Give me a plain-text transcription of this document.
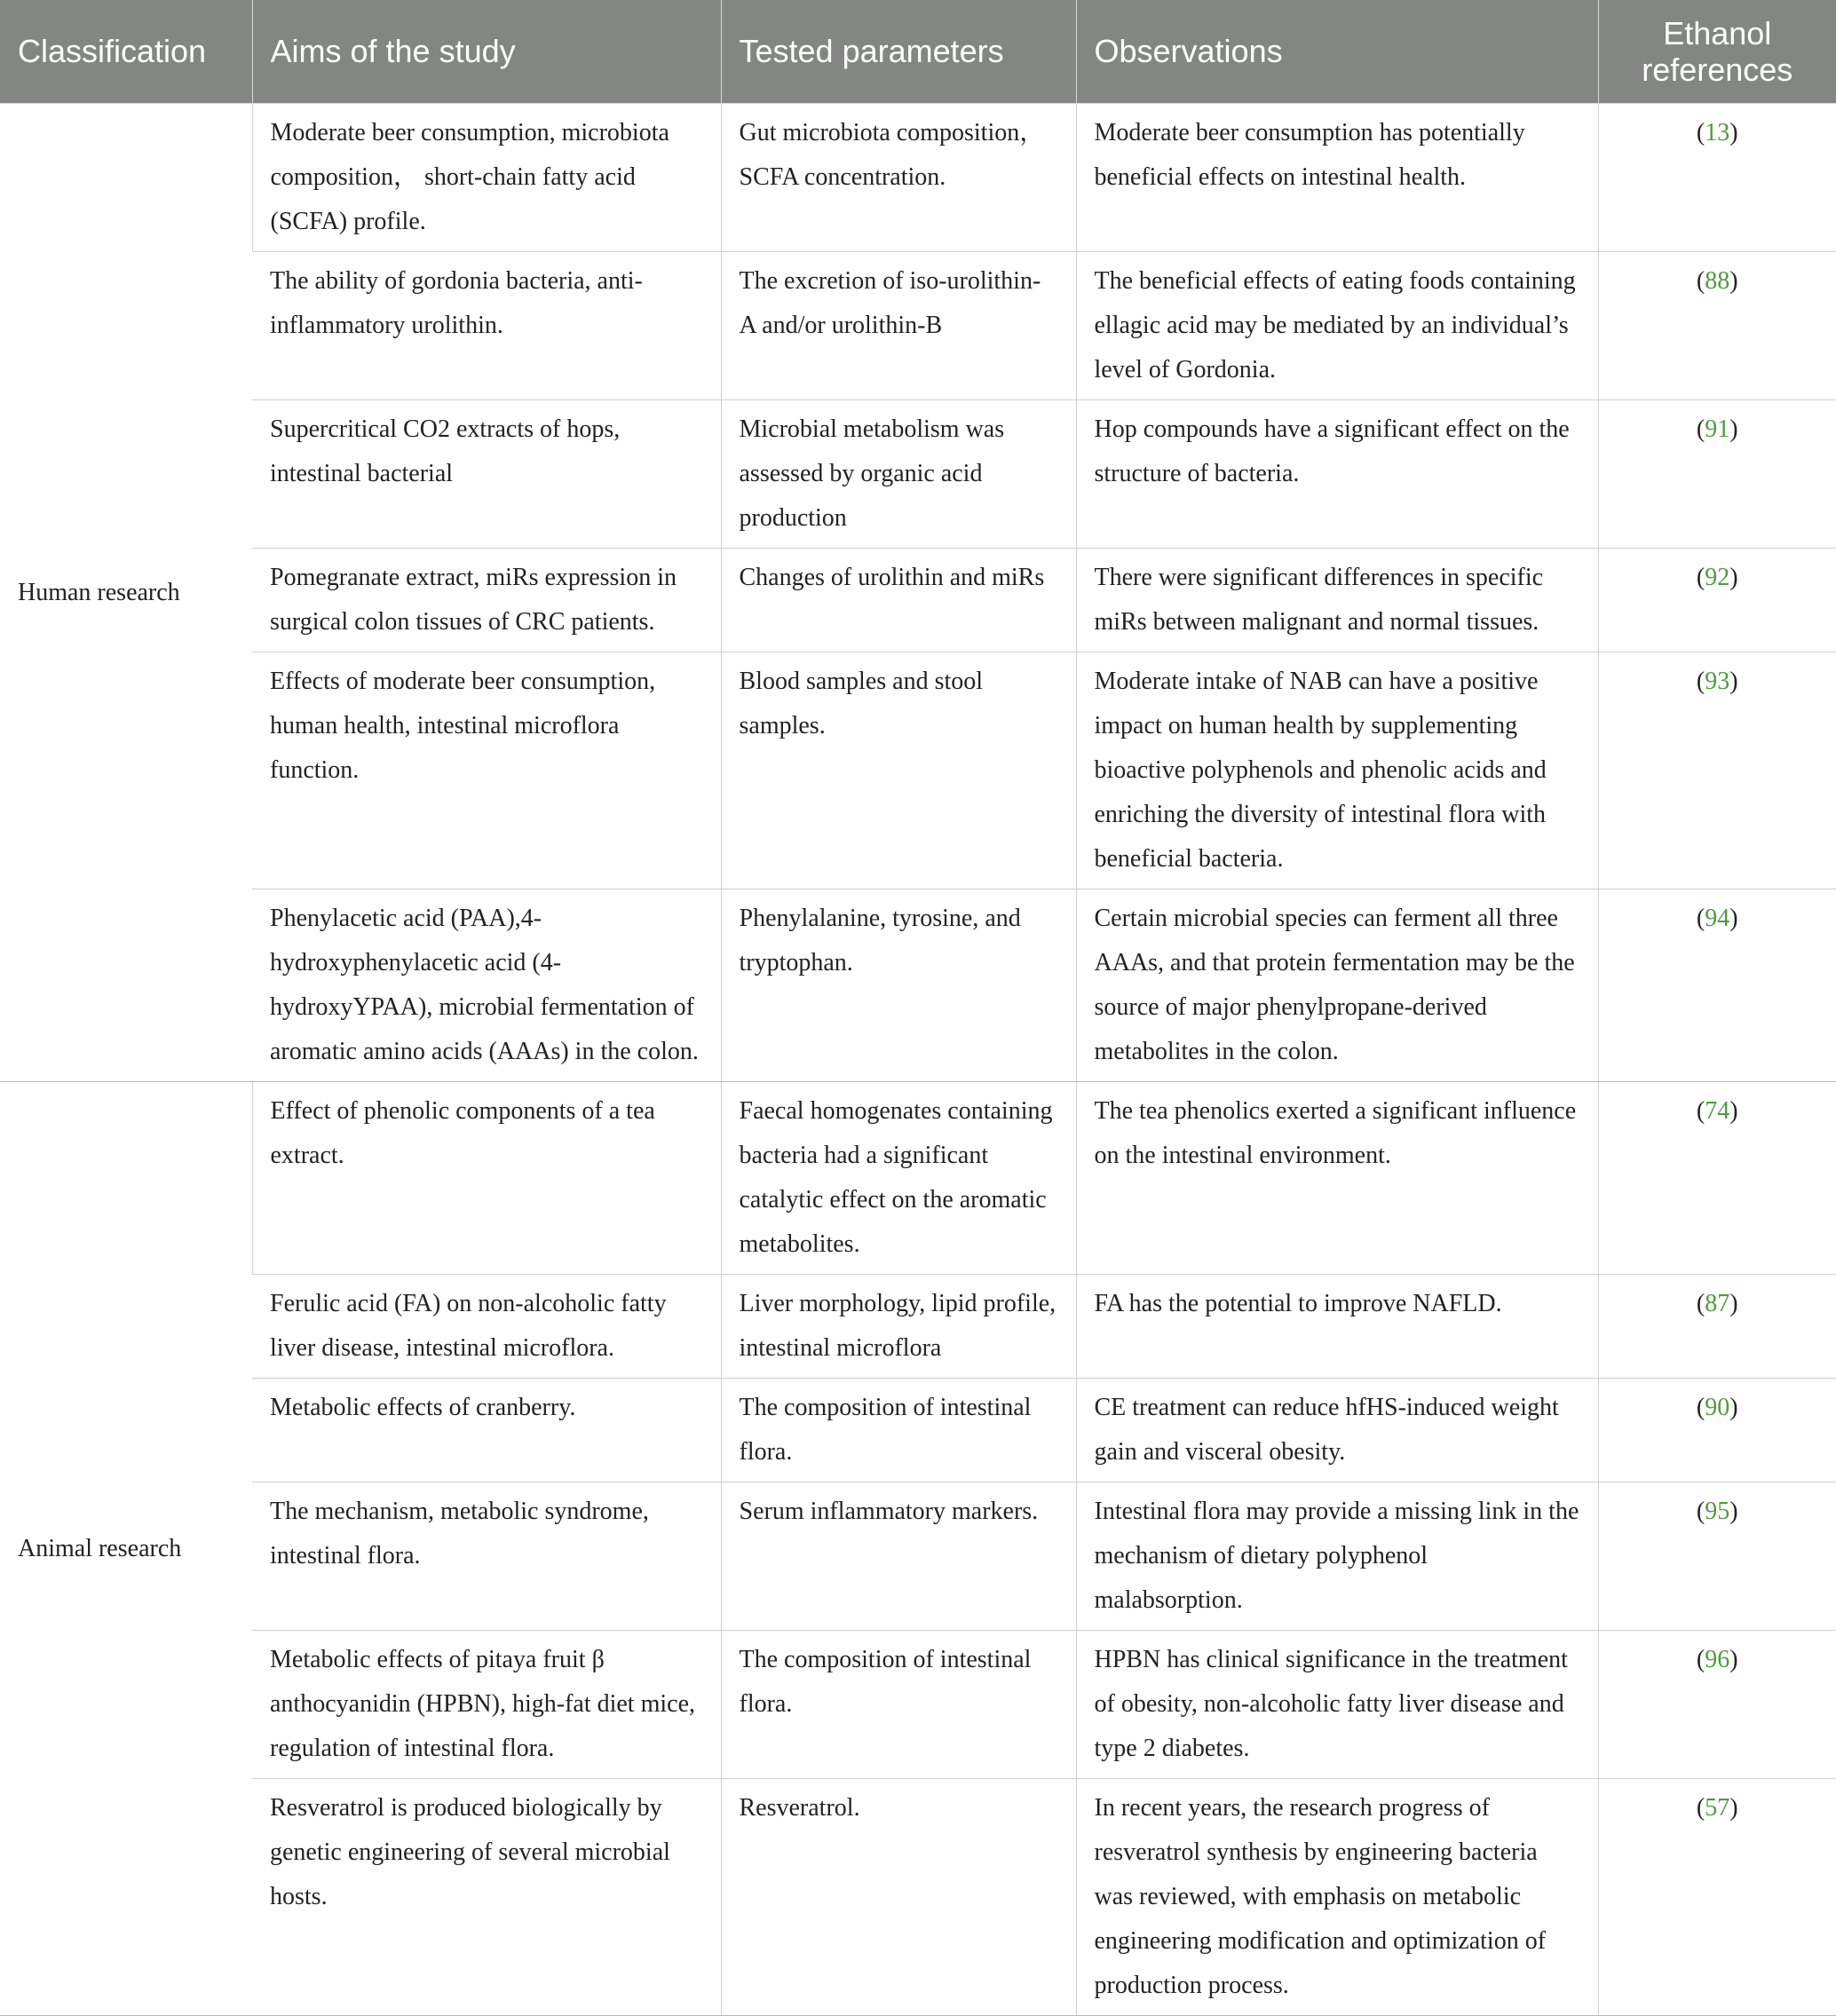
Classification	Aims of the study	Tested parameters	Observations	Ethanol references
Human research	Moderate beer consumption, microbiota composition， short-chain fatty acid (SCFA) profile.	Gut microbiota composition，SCFA concentration.	Moderate beer consumption has potentially beneficial effects on intestinal health.	(13)
	The ability of gordonia bacteria, anti-inflammatory urolithin.	The excretion of iso-urolithin-A and/or urolithin-B	The beneficial effects of eating foods containing ellagic acid may be mediated by an individual’s level of Gordonia.	(88)
	Supercritical CO2 extracts of hops, intestinal bacterial	Microbial metabolism was assessed by organic acid production	Hop compounds have a significant effect on the structure of bacteria.	(91)
	Pomegranate extract, miRs expression in surgical colon tissues of CRC patients.	Changes of urolithin and miRs	There were significant differences in specific miRs between malignant and normal tissues.	(92)
	Effects of moderate beer consumption, human health, intestinal microflora function.	Blood samples and stool samples.	Moderate intake of NAB can have a positive impact on human health by supplementing bioactive polyphenols and phenolic acids and enriching the diversity of intestinal flora with beneficial bacteria.	(93)
	Phenylacetic acid (PAA),4-hydroxyphenylacetic acid (4-hydroxyYPAA), microbial fermentation of aromatic amino acids (AAAs) in the colon.	Phenylalanine, tyrosine, and tryptophan.	Certain microbial species can ferment all three AAAs, and that protein fermentation may be the source of major phenylpropane-derived metabolites in the colon.	(94)
Animal research	Effect of phenolic components of a tea extract.	Faecal homogenates containing bacteria had a significant catalytic effect on the aromatic metabolites.	The tea phenolics exerted a significant influence on the intestinal environment.	(74)
	Ferulic acid (FA) on non-alcoholic fatty liver disease, intestinal microflora.	Liver morphology, lipid profile, intestinal microflora	FA has the potential to improve NAFLD.	(87)
	Metabolic effects of cranberry.	The composition of intestinal flora.	CE treatment can reduce hfHS-induced weight gain and visceral obesity.	(90)
	The mechanism, metabolic syndrome, intestinal flora.	Serum inflammatory markers.	Intestinal flora may provide a missing link in the mechanism of dietary polyphenol malabsorption.	(95)
	Metabolic effects of pitaya fruit β anthocyanidin (HPBN), high-fat diet mice, regulation of intestinal flora.	The composition of intestinal flora.	HPBN has clinical significance in the treatment of obesity, non-alcoholic fatty liver disease and type 2 diabetes.	(96)
	Resveratrol is produced biologically by genetic engineering of several microbial hosts.	Resveratrol.	In recent years, the research progress of resveratrol synthesis by engineering bacteria was reviewed, with emphasis on metabolic engineering modification and optimization of production process.	(57)
